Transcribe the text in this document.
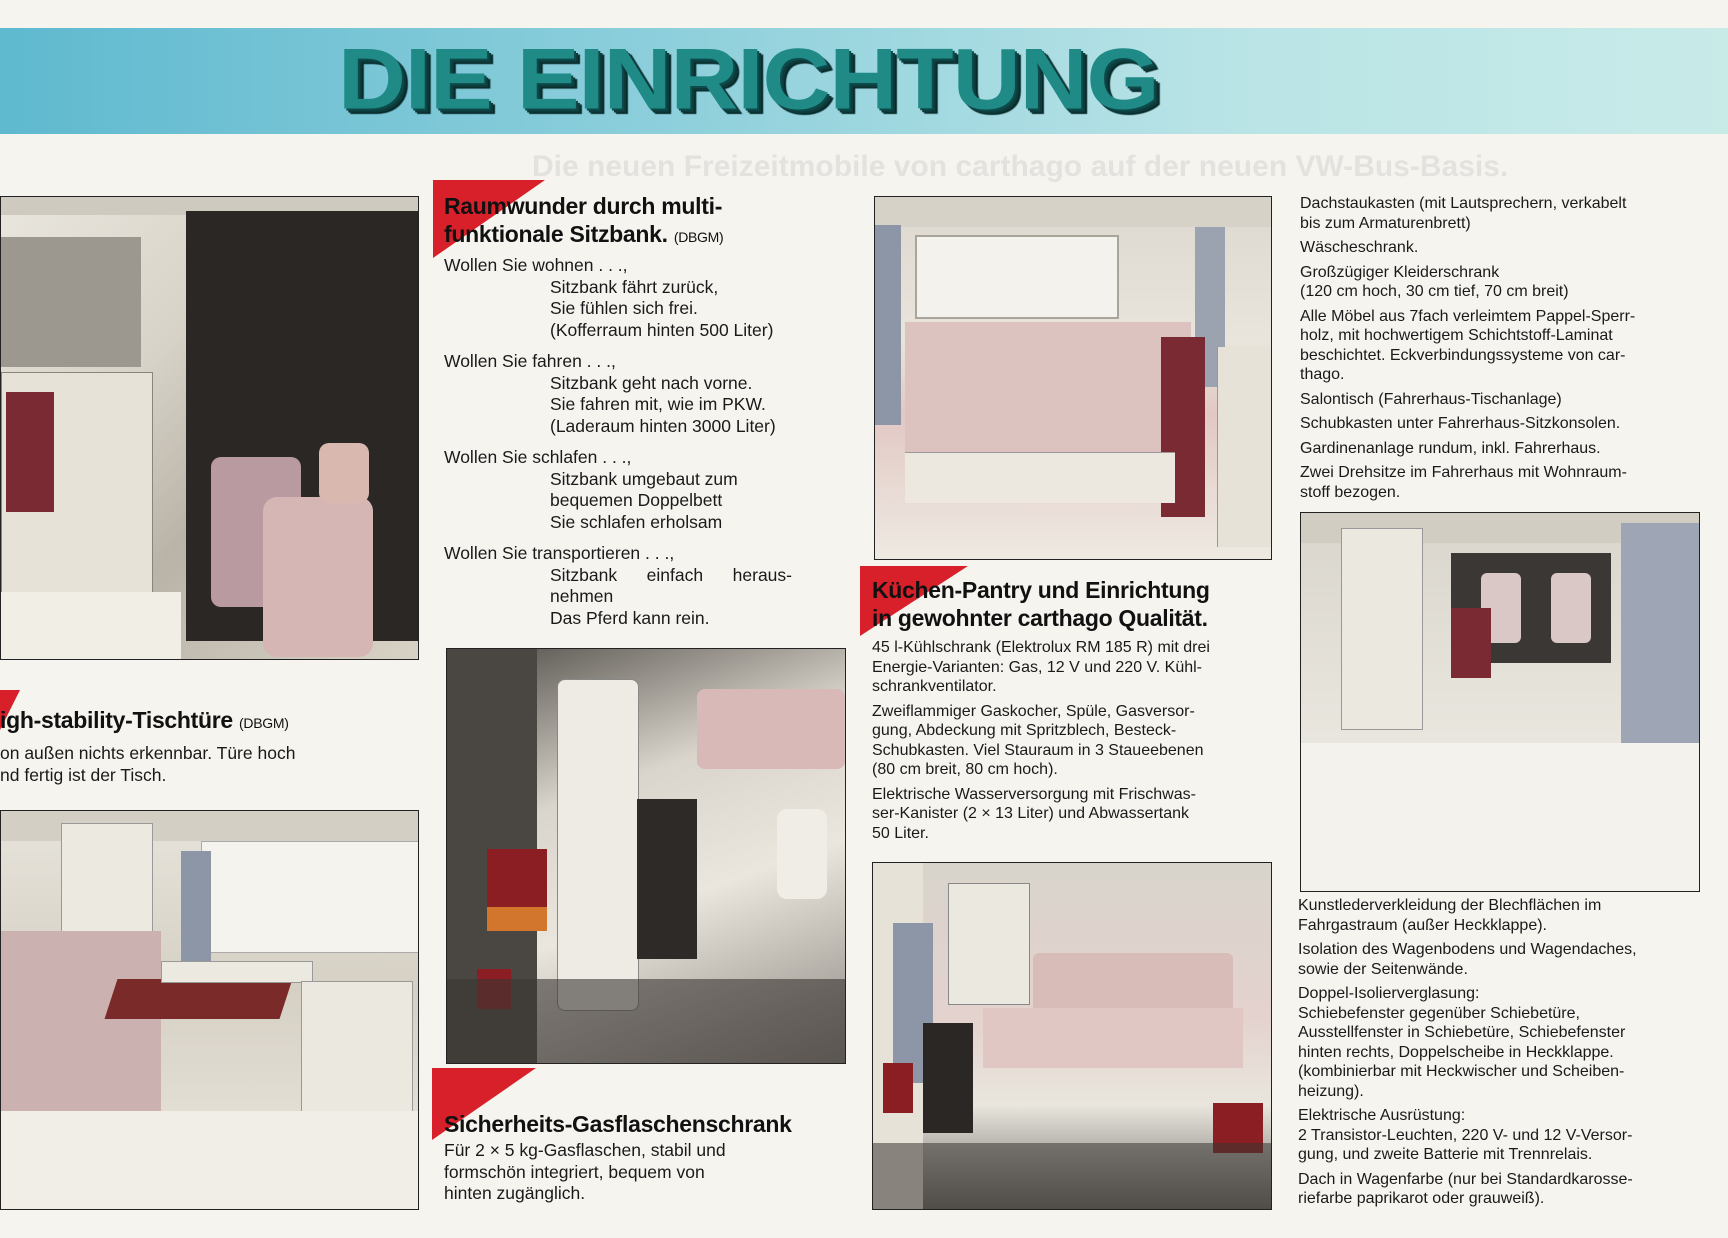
DIE EINRICHTUNG
Die neuen Freizeitmobile von carthago auf der neuen VW-Bus-Basis.
Raumwunder durch multi-
funktionale Sitzbank. (DBGM)
Wollen Sie wohnen . . .,
Sitzbank fährt zurück,
Sie fühlen sich frei.
(Kofferraum hinten 500 Liter)
Wollen Sie fahren . . .,
Sitzbank geht nach vorne.
Sie fahren mit, wie im PKW.
(Laderaum hinten 3000 Liter)
Wollen Sie schlafen . . .,
Sitzbank umgebaut zum
bequemen Doppelbett
Sie schlafen erholsam
Wollen Sie transportieren . . .,
Sitzbank einfach heraus-
nehmen
Das Pferd kann rein.
igh-stability-Tischtüre (DBGM)
on außen nichts erkennbar. Türe hoch
nd fertig ist der Tisch.
Sicherheits-Gasflaschenschrank
Für 2 × 5 kg-Gasflaschen, stabil und
formschön integriert, bequem von
hinten zugänglich.
Küchen-Pantry und Einrichtung
in gewohnter carthago Qualität.
45 l-Kühlschrank (Elektrolux RM 185 R) mit drei
Energie-Varianten: Gas, 12 V und 220 V. Kühl-
schrankventilator.
Zweiflammiger Gaskocher, Spüle, Gasversor-
gung, Abdeckung mit Spritzblech, Besteck-
Schubkasten. Viel Stauraum in 3 Staueebenen
(80 cm breit, 80 cm hoch).
Elektrische Wasserversorgung mit Frischwas-
ser-Kanister (2 × 13 Liter) und Abwassertank
50 Liter.
Dachstaukasten (mit Lautsprechern, verkabelt
bis zum Armaturenbrett)
Wäscheschrank.
Großzügiger Kleiderschrank
(120 cm hoch, 30 cm tief, 70 cm breit)
Alle Möbel aus 7fach verleimtem Pappel-Sperr-
holz, mit hochwertigem Schichtstoff-Laminat
beschichtet. Eckverbindungssysteme von car-
thago.
Salontisch (Fahrerhaus-Tischanlage)
Schubkasten unter Fahrerhaus-Sitzkonsolen.
Gardinenanlage rundum, inkl. Fahrerhaus.
Zwei Drehsitze im Fahrerhaus mit Wohnraum-
stoff bezogen.
Kunstlederverkleidung der Blechflächen im
Fahrgastraum (außer Heckklappe).
Isolation des Wagenbodens und Wagendaches,
sowie der Seitenwände.
Doppel-Isolierverglasung:
Schiebefenster gegenüber Schiebetüre,
Ausstellfenster in Schiebetüre, Schiebefenster
hinten rechts, Doppelscheibe in Heckklappe.
(kombinierbar mit Heckwischer und Scheiben-
heizung).
Elektrische Ausrüstung:
2 Transistor-Leuchten, 220 V- und 12 V-Versor-
gung, und zweite Batterie mit Trennrelais.
Dach in Wagenfarbe (nur bei Standardkarosse-
riefarbe paprikarot oder grauweiß).
